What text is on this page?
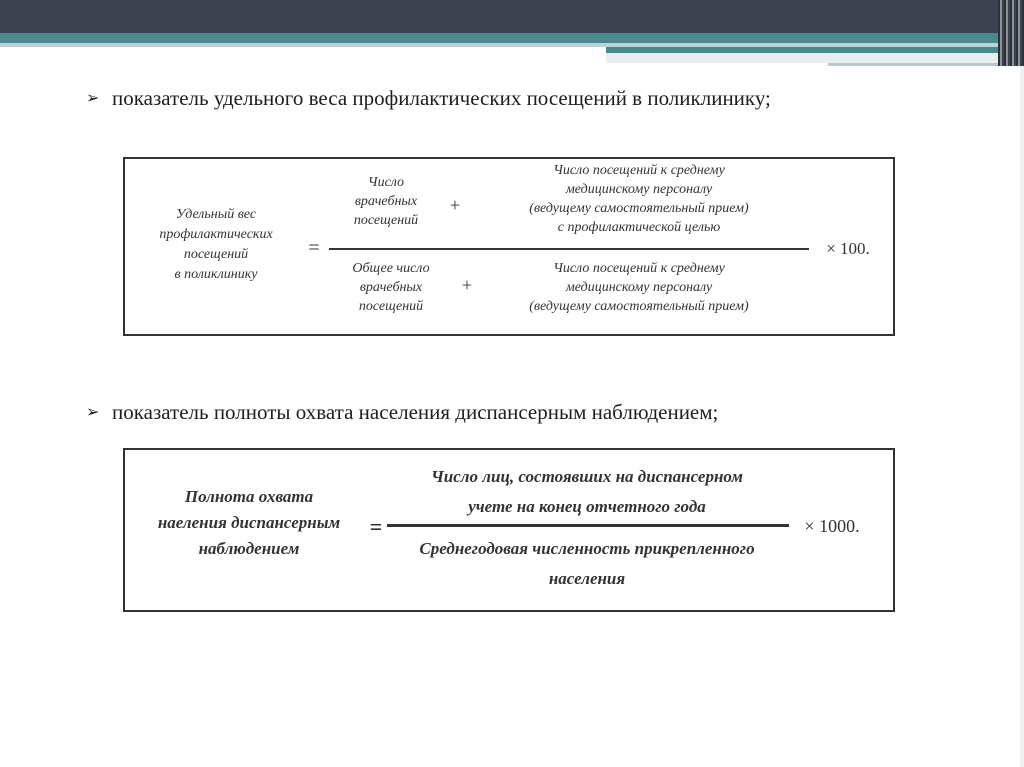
➢ показатель удельного веса профилактических посещений в поликлинику;
Удельный вес
профилактических
посещений
в поликлинику
=
Число
врачебных
посещений
+
Число посещений к среднему
медицинскому персоналу
(ведущему самостоятельный прием)
с профилактической целью
Общее число
врачебных
посещений
+
Число посещений к среднему
медицинскому персоналу
(ведущему самостоятельный прием)
× 100.
➢ показатель полноты охвата населения диспансерным наблюдением;
Полнота охвата
наеления диспансерным
наблюдением
=
Число лиц, состоявших на диспансерном
учете на конец отчетного года
Среднегодовая численность прикрепленного
населения
× 1000.
